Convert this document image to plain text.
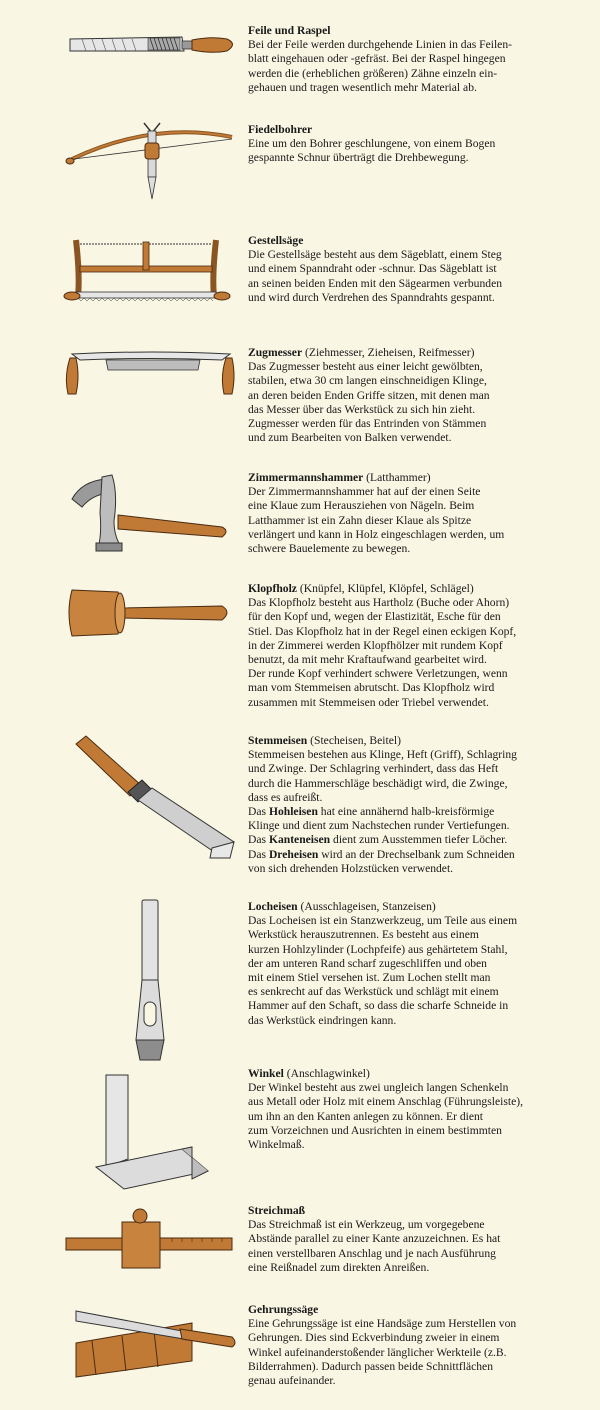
Feile und Raspel

Bei der Feile werden durchgehende Linien in das Feilen-

blatt eingehauen oder -gefräst. Bei der Raspel hingegen

werden die (erheblichen größeren) Zähne einzeln ein-

gehauen und tragen wesentlich mehr Material ab.

Fiedelbohrer

Eine um den Bohrer geschlungene, von einem Bogen

gespannte Schnur überträgt die Drehbewegung.

Gestellsäge

Die Gestellsäge besteht aus dem Sägeblatt, einem Steg

und einem Spanndraht oder -schnur. Das Sägeblatt ist

an seinen beiden Enden mit den Sägearmen verbunden

und wird durch Verdrehen des Spanndrahts gespannt.

Zugmesser (Ziehmesser, Zieheisen, Reifmesser)

Das Zugmesser besteht aus einer leicht gewölbten,

stabilen, etwa 30 cm langen einschneidigen Klinge,

an deren beiden Enden Griffe sitzen, mit denen man

das Messer über das Werkstück zu sich hin zieht.

Zugmesser werden für das Entrinden von Stämmen

und zum Bearbeiten von Balken verwendet.

Zimmermannshammer (Latthammer)

Der Zimmermannshammer hat auf der einen Seite

eine Klaue zum Herausziehen von Nägeln. Beim

Latthammer ist ein Zahn dieser Klaue als Spitze

verlängert und kann in Holz eingeschlagen werden, um

schwere Bauelemente zu bewegen.

Klopfholz (Knüpfel, Klüpfel, Klöpfel, Schlägel)

Das Klopfholz besteht aus Hartholz (Buche oder Ahorn)

für den Kopf und, wegen der Elastizität, Esche für den

Stiel. Das Klopfholz hat in der Regel einen eckigen Kopf,

in der Zimmerei werden Klopfhölzer mit rundem Kopf

benutzt, da mit mehr Kraftaufwand gearbeitet wird.

Der runde Kopf verhindert schwere Verletzungen, wenn

man vom Stemmeisen abrutscht. Das Klopfholz wird

zusammen mit Stemmeisen oder Triebel verwendet.

Stemmeisen (Stecheisen, Beitel)

Stemmeisen bestehen aus Klinge, Heft (Griff), Schlagring

und Zwinge. Der Schlagring verhindert, dass das Heft

durch die Hammerschläge beschädigt wird, die Zwinge,

dass es aufreißt.

Das Hohleisen hat eine annähernd halb-kreisförmige

Klinge und dient zum Nachstechen runder Vertiefungen.

Das Kanteneisen dient zum Ausstemmen tiefer Löcher.

Das Dreheisen wird an der Drechselbank zum Schneiden

von sich drehenden Holzstücken verwendet.

Locheisen (Ausschlageisen, Stanzeisen)

Das Locheisen ist ein Stanzwerkzeug, um Teile aus einem

Werkstück herauszutrennen. Es besteht aus einem

kurzen Hohlzylinder (Lochpfeife) aus gehärtetem Stahl,

der am unteren Rand scharf zugeschliffen und oben

mit einem Stiel versehen ist. Zum Lochen stellt man

es senkrecht auf das Werkstück und schlägt mit einem

Hammer auf den Schaft, so dass die scharfe Schneide in

das Werkstück eindringen kann.

Winkel (Anschlagwinkel)

Der Winkel besteht aus zwei ungleich langen Schenkeln

aus Metall oder Holz mit einem Anschlag (Führungsleiste),

um ihn an den Kanten anlegen zu können. Er dient

zum Vorzeichnen und Ausrichten in einem bestimmten

Winkelmaß.

Streichmaß

Das Streichmaß ist ein Werkzeug, um vorgegebene

Abstände parallel zu einer Kante anzuzeichnen. Es hat

einen verstellbaren Anschlag und je nach Ausführung

eine Reißnadel zum direkten Anreißen.

Gehrungssäge

Eine Gehrungssäge ist eine Handsäge zum Herstellen von

Gehrungen. Dies sind Eckverbindung zweier in einem

Winkel aufeinanderstoßender länglicher Werkteile (z.B.

Bilderrahmen). Dadurch passen beide Schnittflächen

genau aufeinander.
